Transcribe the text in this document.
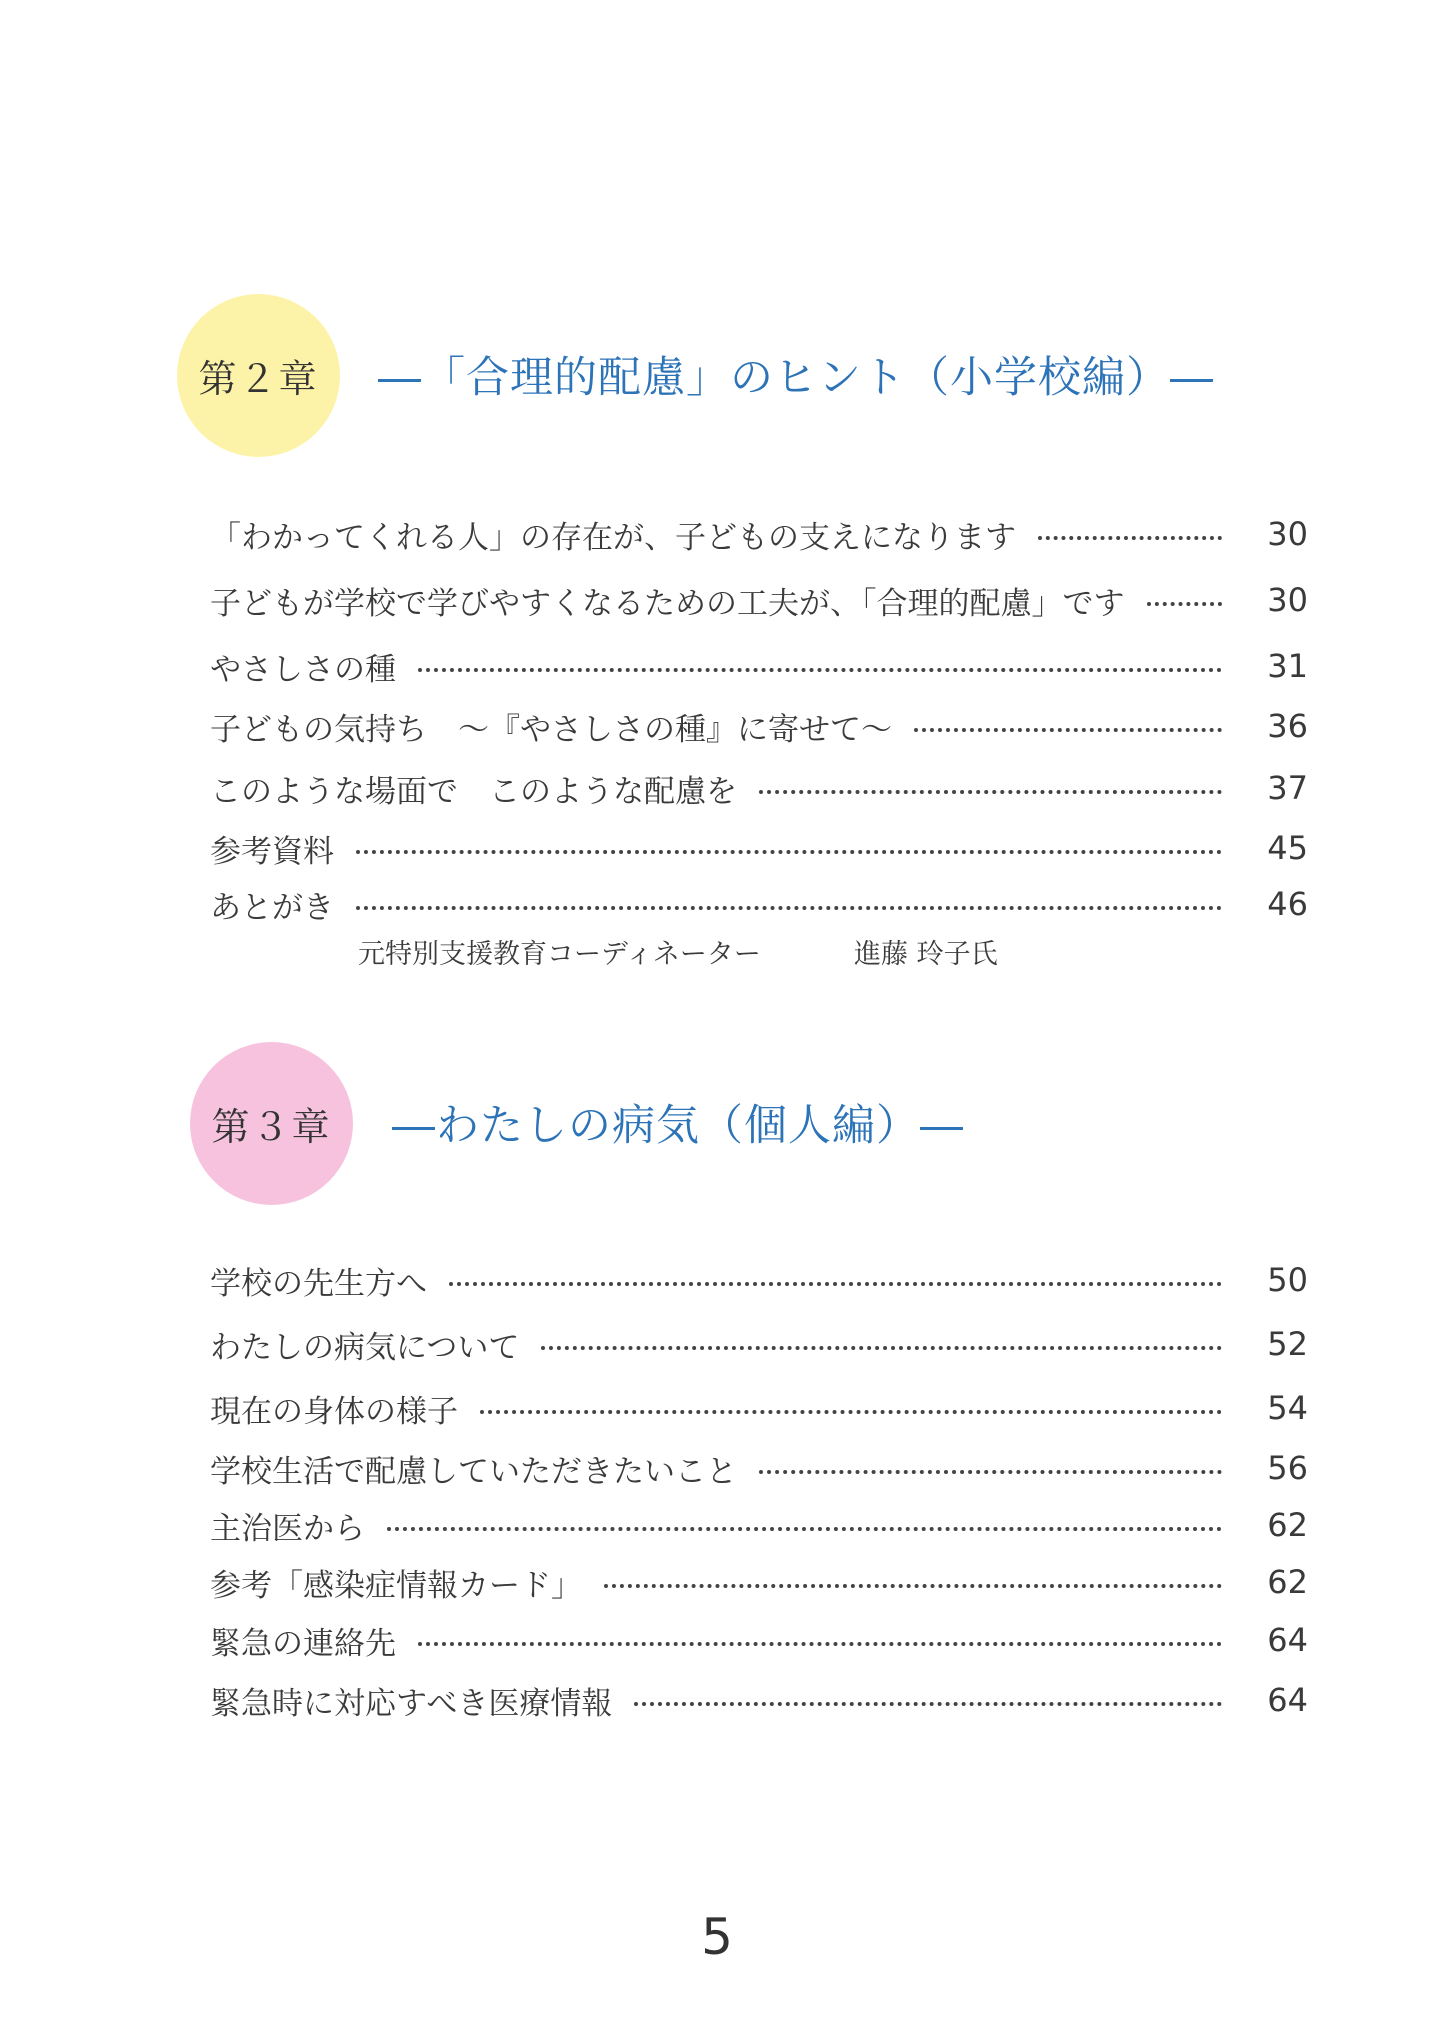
第２章	―「合理的配慮」のヒント（小学校編）―
「わかってくれる人」の存在が、子どもの支えになります	30
子どもが学校で学びやすくなるための工夫が、「合理的配慮」です	30
やさしさの種	31
子どもの気持ち　～『やさしさの種』に寄せて～	36
このような場面で　このような配慮を	37
参考資料	45
あとがき	46
元特別支援教育コーディネーター	進藤 玲子氏
第３章	―わたしの病気（個人編）―
学校の先生方へ	50
わたしの病気について	52
現在の身体の様子	54
学校生活で配慮していただきたいこと	56
主治医から	62
参考「感染症情報カード」	62
緊急の連絡先	64
緊急時に対応すべき医療情報	64
5
